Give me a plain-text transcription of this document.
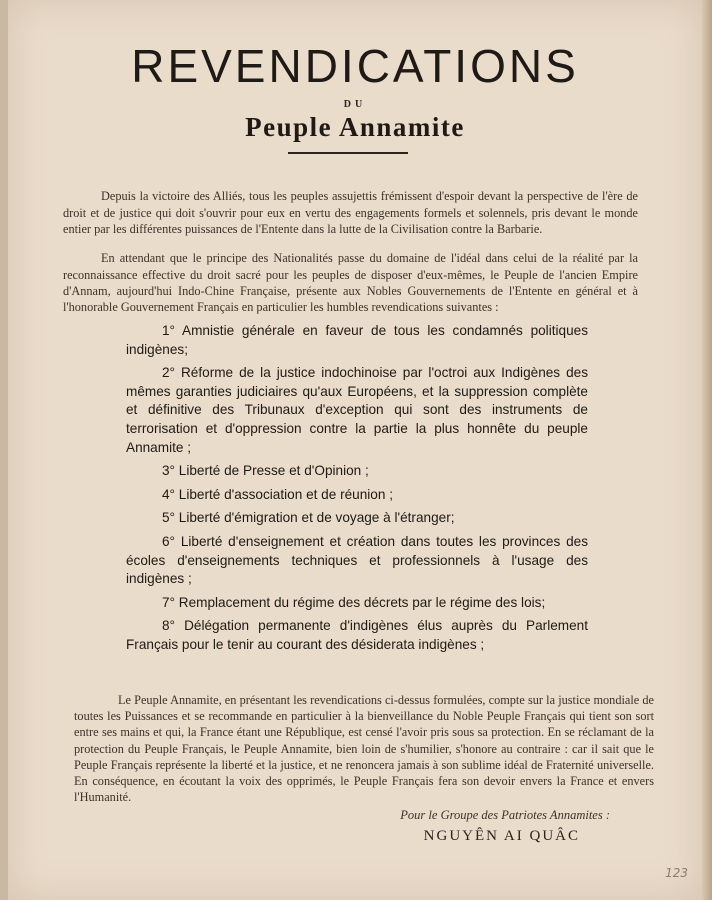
REVENDICATIONS
DU
Peuple Annamite

Depuis la victoire des Alliés, tous les peuples assujettis frémissent d'espoir devant la perspective de l'ère de droit et de justice qui doit s'ouvrir pour eux en vertu des engagements formels et solennels, pris devant le monde entier par les différentes puissances de l'Entente dans la lutte de la Civilisation contre la Barbarie.

En attendant que le principe des Nationalités passe du domaine de l'idéal dans celui de la réalité par la reconnaissance effective du droit sacré pour les peuples de disposer d'eux-mêmes, le Peuple de l'ancien Empire d'Annam, aujourd'hui Indo-Chine Française, présente aux Nobles Gouvernements de l'Entente en général et à l'honorable Gouvernement Français en particulier les humbles revendications suivantes :

1° Amnistie générale en faveur de tous les condamnés politiques indigènes;

2° Réforme de la justice indochinoise par l'octroi aux Indigènes des mêmes garanties judiciaires qu'aux Européens, et la suppression complète et définitive des Tribunaux d'exception qui sont des instruments de terrorisation et d'oppression contre la partie la plus honnête du peuple Annamite ;

3° Liberté de Presse et d'Opinion ;

4° Liberté d'association et de réunion ;

5° Liberté d'émigration et de voyage à l'étranger;

6° Liberté d'enseignement et création dans toutes les provinces des écoles d'enseignements techniques et professionnels à l'usage des indigènes ;

7° Remplacement du régime des décrets par le régime des lois;

8° Délégation permanente d'indigènes élus auprès du Parlement Français pour le tenir au courant des désiderata indigènes ;

Le Peuple Annamite, en présentant les revendications ci-dessus formulées, compte sur la justice mondiale de toutes les Puissances et se recommande en particulier à la bienveillance du Noble Peuple Français qui tient son sort entre ses mains et qui, la France étant une République, est censé l'avoir pris sous sa protection. En se réclamant de la protection du Peuple Français, le Peuple Annamite, bien loin de s'humilier, s'honore au contraire : car il sait que le Peuple Français représente la liberté et la justice, et ne renoncera jamais à son sublime idéal de Fraternité universelle. En conséquence, en écoutant la voix des opprimés, le Peuple Français fera son devoir envers la France et envers l'Humanité.

Pour le Groupe des Patriotes Annamites :
NGUYÊN AI QUÂC
123
